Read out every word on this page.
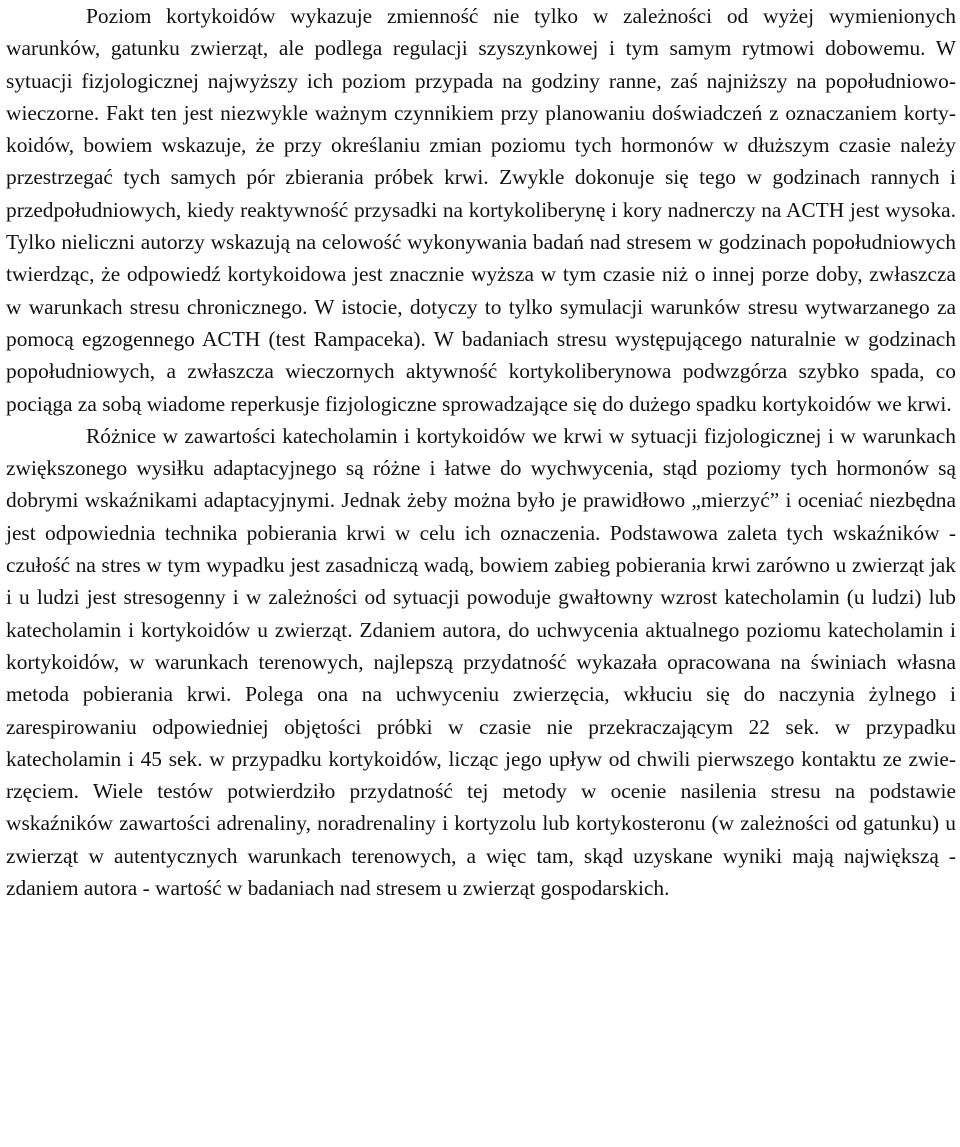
Poziom kortykoidów wykazuje zmienność nie tylko w zależności od wyżej wymienionych warunków, gatunku zwierząt, ale podlega regulacji szyszynkowej i tym samym rytmowi dobowemu. W sytuacji fizjologicznej najwyższy ich poziom przypada na godziny ranne, zaś najniższy na popołudniowo-wieczorne. Fakt ten jest niezwykle ważnym czynnikiem przy planowaniu doświadczeń z oznaczaniem kortykoidów, bowiem wskazuje, że przy określaniu zmian poziomu tych hormonów w dłuższym czasie należy przestrzegać tych samych pór zbierania próbek krwi. Zwykle dokonuje się tego w godzinach rannych i przedpołudniowych, kiedy reaktywność przysadki na kortykoliberynę i kory nadnerczy na ACTH jest wysoka. Tylko nieliczni autorzy wskazują na celowość wykonywania badań nad stresem w godzinach popołudniowych twierdząc, że odpowiedź kortykoidowa jest znacznie wyższa w tym czasie niż o innej porze doby, zwłaszcza w warunkach stresu chronicznego. W istocie, dotyczy to tylko symulacji warunków stresu wytwarzanego za pomocą egzogennego ACTH (test Rampaceka). W badaniach stresu występującego naturalnie w godzinach popołudniowych, a zwłaszcza wieczornych aktywność kortykoliberynowa podwzgórza szybko spada, co pociąga za sobą wiadome reperkusje fizjologiczne sprowadzające się do dużego spadku kortykoidów we krwi.

Różnice w zawartości katecholamin i kortykoidów we krwi w sytuacji fizjologicznej i w warunkach zwiększonego wysiłku adaptacyjnego są różne i łatwe do wychwycenia, stąd poziomy tych hormonów są dobrymi wskaźnikami adaptacyjnymi. Jednak żeby można było je prawidłowo „mierzyć” i oceniać niezbędna jest odpowiednia technika pobierania krwi w celu ich oznaczenia. Podstawowa zaleta tych wskaźników - czułość na stres w tym wypadku jest zasadniczą wadą, bowiem zabieg pobierania krwi zarówno u zwierząt jak i u ludzi jest stresogenny i w zależności od sytuacji powoduje gwałtowny wzrost katecholamin (u ludzi) lub katecholamin i kortykoidów u zwierząt. Zdaniem autora, do uchwycenia aktualnego poziomu katecholamin i kortykoidów, w warunkach terenowych, najlepszą przydatność wykazała opracowana na świniach własna metoda pobierania krwi. Polega ona na uchwyceniu zwierzęcia, wkłuciu się do naczynia żylnego i zarespirowaniu odpowiedniej objętości próbki w czasie nie przekraczającym 22 sek. w przypadku katecholamin i 45 sek. w przypadku kortykoidów, licząc jego upływ od chwili pierwszego kontaktu ze zwierzęciem. Wiele testów potwierdziło przydatność tej metody w ocenie nasilenia stresu na podstawie wskaźników zawartości adrenaliny, noradrenaliny i kortyzolu lub kortykosteronu (w zależności od gatunku) u zwierząt w autentycznych warunkach terenowych, a więc tam, skąd uzyskane wyniki mają największą - zdaniem autora - wartość w badaniach nad stresem u zwierząt gospodarskich.
